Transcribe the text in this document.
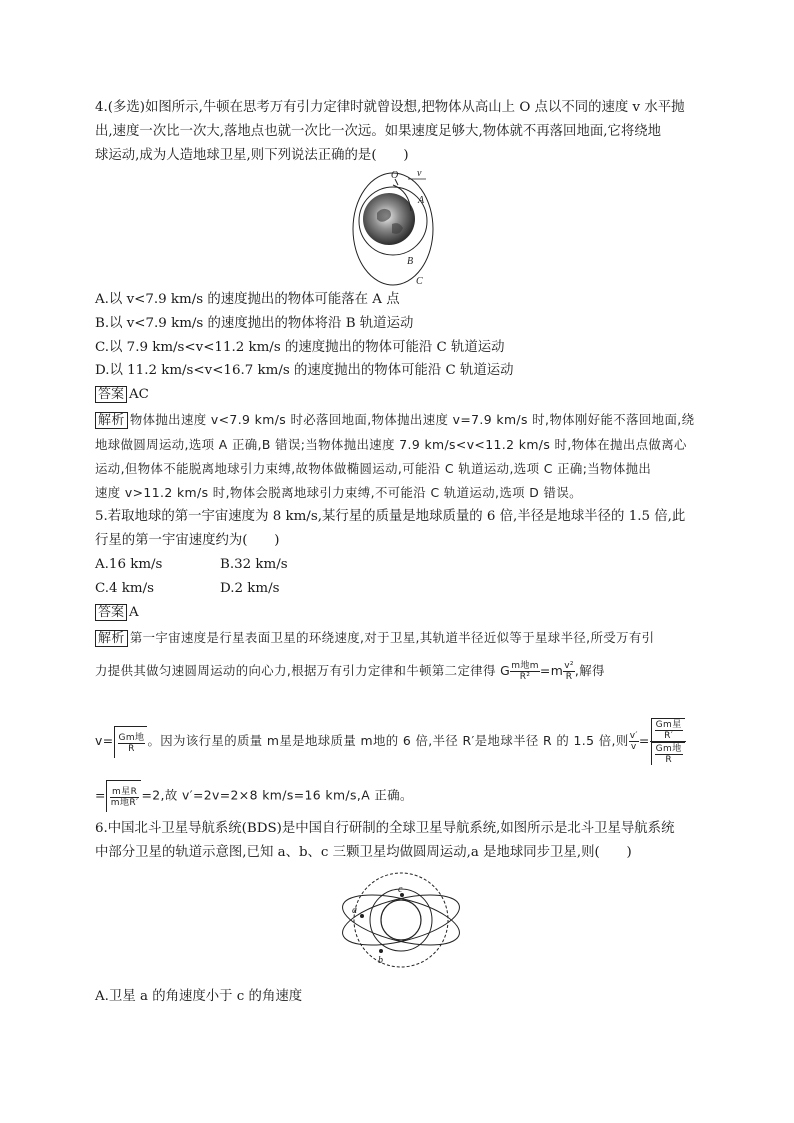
4.(多选)如图所示,牛顿在思考万有引力定律时就曾设想,把物体从高山上 O 点以不同的速度 v 水平抛
出,速度一次比一次大,落地点也就一次比一次远。如果速度足够大,物体就不再落回地面,它将绕地
球运动,成为人造地球卫星,则下列说法正确的是(　　)
O v
A
B
C
A.以 v<7.9 km/s 的速度抛出的物体可能落在 A 点
B.以 v<7.9 km/s 的速度抛出的物体将沿 B 轨道运动
C.以 7.9 km/s<v<11.2 km/s 的速度抛出的物体可能沿 C 轨道运动
D.以 11.2 km/s<v<16.7 km/s 的速度抛出的物体可能沿 C 轨道运动
答案 AC
解析 物体抛出速度 v<7.9 km/s 时必落回地面,物体抛出速度 v=7.9 km/s 时,物体刚好能不落回地面,绕
地球做圆周运动,选项 A 正确,B 错误;当物体抛出速度 7.9 km/s<v<11.2 km/s 时,物体在抛出点做离心
运动,但物体不能脱离地球引力束缚,故物体做椭圆运动,可能沿 C 轨道运动,选项 C 正确;当物体抛出
速度 v>11.2 km/s 时,物体会脱离地球引力束缚,不可能沿 C 轨道运动,选项 D 错误。
5.若取地球的第一宇宙速度为 8 km/s,某行星的质量是地球质量的 6 倍,半径是地球半径的 1.5 倍,此
行星的第一宇宙速度约为(　　)
A.16 km/s	B.32 km/s
C.4 km/s	D.2 km/s
答案 A
解析 第一宇宙速度是行星表面卫星的环绕速度,对于卫星,其轨道半径近似等于星球半径,所受万有引
力提供其做匀速圆周运动的向心力,根据万有引力定律和牛顿第二定律得 G $\frac{\text{m地m}}{\text{R²}} =m \frac{\text{v²}}{R}$ ,解得
$v= \frac{\text{Gm地}}{R}$ 。因为该行星的质量 m星是地球质量 m地的 6 倍,半径 R′是地球半径 R 的 1.5 倍,则 $\frac{v'}{v} = \frac{\frac{\text{Gm星}}{R'}}{\frac{\text{Gm地}}{R}}$
= $\frac{\text{m星R}}{\text{m地R′}} =2$,故 v′=2v=2×8 km/s=16 km/s,A 正确。
6.中国北斗卫星导航系统(BDS)是中国自行研制的全球卫星导航系统,如图所示是北斗卫星导航系统
中部分卫星的轨道示意图,已知 a、b、c 三颗卫星均做圆周运动,a 是地球同步卫星,则(　　)
a
c
b
A.卫星 a 的角速度小于 c 的角速度
